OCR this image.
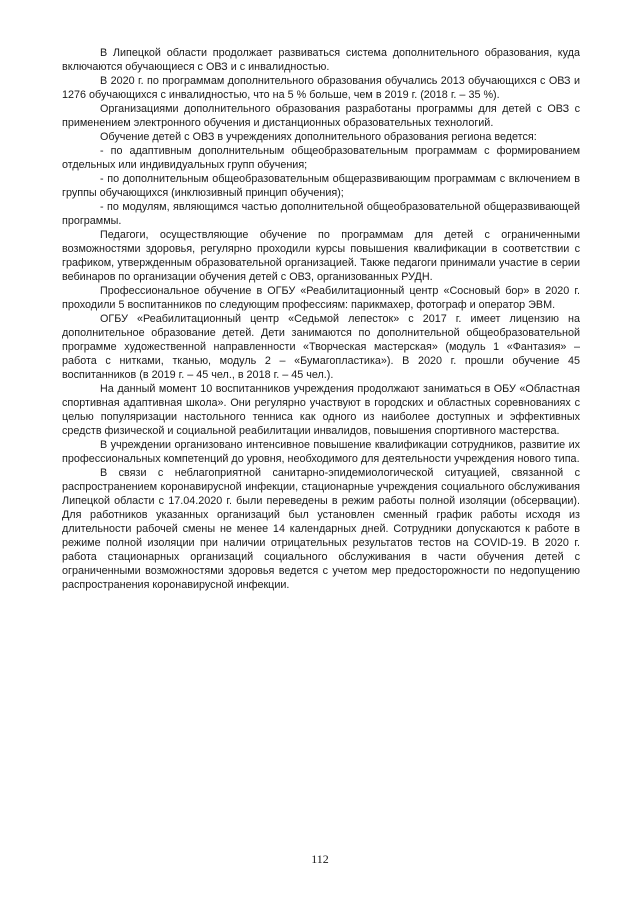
В Липецкой области продолжает развиваться система дополнительного образования, куда включаются обучающиеся с ОВЗ и с инвалидностью.

В 2020 г. по программам дополнительного образования обучались 2013 обучающихся с ОВЗ и 1276 обучающихся с инвалидностью, что на 5 % больше, чем в 2019 г. (2018 г. – 35 %).

Организациями дополнительного образования разработаны программы для детей с ОВЗ с применением электронного обучения и дистанционных образовательных технологий.

Обучение детей с ОВЗ в учреждениях дополнительного образования региона ведется:

- по адаптивным дополнительным общеобразовательным программам с формированием отдельных или индивидуальных групп обучения;

- по дополнительным общеобразовательным общеразвивающим программам с включением в группы обучающихся (инклюзивный принцип обучения);

- по модулям, являющимся частью дополнительной общеобразовательной общеразвивающей программы.

Педагоги, осуществляющие обучение по программам для детей с ограниченными возможностями здоровья, регулярно проходили курсы повышения квалификации в соответствии с графиком, утвержденным образовательной организацией. Также педагоги принимали участие в серии вебинаров по организации обучения детей с ОВЗ, организованных РУДН.

Профессиональное обучение в ОГБУ «Реабилитационный центр «Сосновый бор» в 2020 г. проходили 5 воспитанников по следующим профессиям: парикмахер, фотограф и оператор ЭВМ.

ОГБУ «Реабилитационный центр «Седьмой лепесток» с 2017 г. имеет лицензию на дополнительное образование детей. Дети занимаются по дополнительной общеобразовательной программе художественной направленности «Творческая мастерская» (модуль 1 «Фантазия» – работа с нитками, тканью, модуль 2 – «Бумагопластика»). В 2020 г. прошли обучение 45 воспитанников (в 2019 г. – 45 чел., в 2018 г. – 45 чел.).

На данный момент 10 воспитанников учреждения продолжают заниматься в ОБУ «Областная спортивная адаптивная школа». Они регулярно участвуют в городских и областных соревнованиях с целью популяризации настольного тенниса как одного из наиболее доступных и эффективных средств физической и социальной реабилитации инвалидов, повышения спортивного мастерства.

В учреждении организовано интенсивное повышение квалификации сотрудников, развитие их профессиональных компетенций до уровня, необходимого для деятельности учреждения нового типа.

В связи с неблагоприятной санитарно-эпидемиологической ситуацией, связанной с распространением коронавирусной инфекции, стационарные учреждения социального обслуживания Липецкой области с 17.04.2020 г. были переведены в режим работы полной изоляции (обсервации). Для работников указанных организаций был установлен сменный график работы исходя из длительности рабочей смены не менее 14 календарных дней. Сотрудники допускаются к работе в режиме полной изоляции при наличии отрицательных результатов тестов на COVID-19. В 2020 г. работа стационарных организаций социального обслуживания в части обучения детей с ограниченными возможностями здоровья ведется с учетом мер предосторожности по недопущению распространения коронавирусной инфекции.

112
